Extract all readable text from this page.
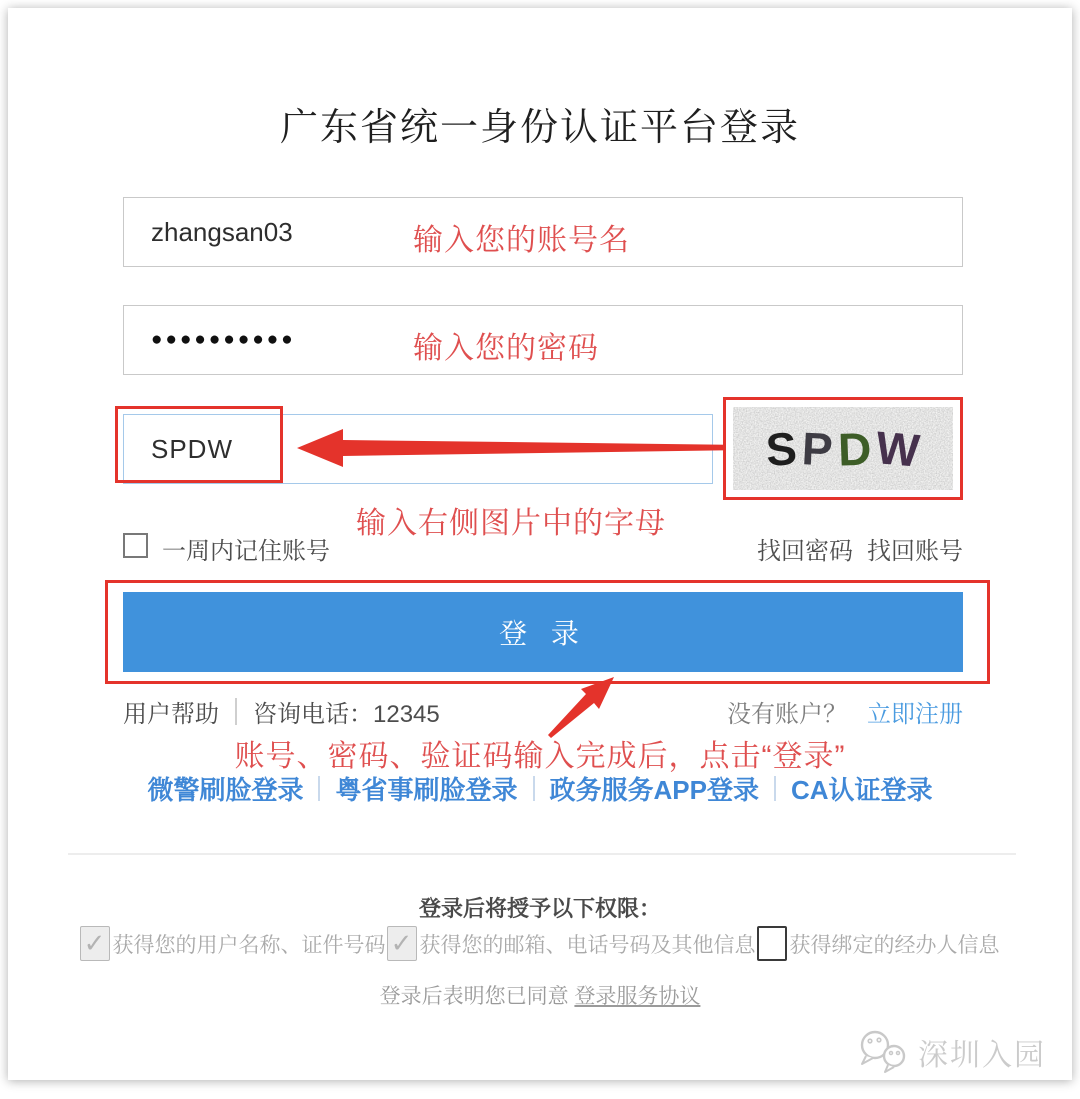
广东省统一身份认证平台登录
zhangsan03
输入您的账号名
●●●●●●●●●●
输入您的密码
SPDW
S P D W
输入右侧图片中的字母
一周内记住账号	找回密码 找回账号
登 录
用户帮助 咨询电话：12345	没有账户？ 立即注册
账号、密码、验证码输入完成后，点击“登录”
微警刷脸登录 粤省事刷脸登录 政务服务APP登录 CA认证登录
登录后将授予以下权限：
✓ 获得您的用户名称、证件号码 ✓ 获得您的邮箱、电话号码及其他信息 获得绑定的经办人信息
登录后表明您已同意 登录服务协议
深圳入园
